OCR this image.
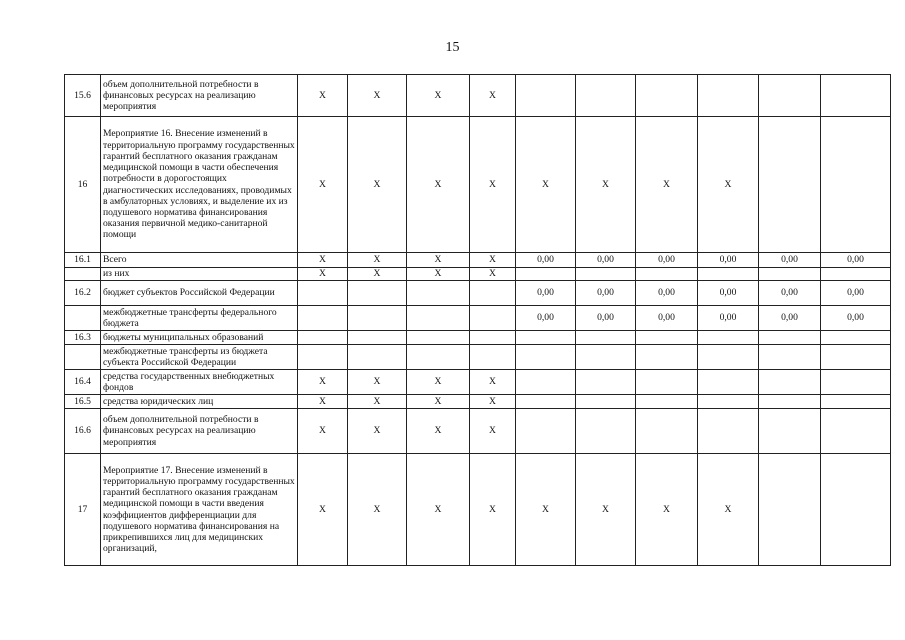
15
15.6	объем дополнительной потребности в финансовых ресурсах на реализацию мероприятия	X	X	X	X						
16	Мероприятие 16. Внесение изменений в территориальную программу государственных гарантий бесплатного оказания гражданам медицинской помощи в части обеспечения потребности в дорогостоящих диагностических исследованиях, проводимых в амбулаторных условиях, и выделение их из подушевого норматива финансирования оказания первичной медико-санитарной помощи	X	X	X	X	X	X	X	X		
16.1	Всего	X	X	X	X	0,00	0,00	0,00	0,00	0,00	0,00
	из них	X	X	X	X						
16.2	бюджет субъектов Российской Федерации					0,00	0,00	0,00	0,00	0,00	0,00
	межбюджетные трансферты федерального бюджета					0,00	0,00	0,00	0,00	0,00	0,00
16.3	бюджеты муниципальных образований										
	межбюджетные трансферты из бюджета субъекта Российской Федерации										
16.4	средства государственных внебюджетных фондов	X	X	X	X						
16.5	средства юридических лиц	X	X	X	X						
16.6	объем дополнительной потребности в финансовых ресурсах на реализацию мероприятия	X	X	X	X						
17	Мероприятие 17. Внесение изменений в территориальную программу государственных гарантий бесплатного оказания гражданам медицинской помощи в части введения коэффициентов дифференциации для подушевого норматива финансирования на прикрепившихся лиц для медицинских организаций,	X	X	X	X	X	X	X	X		
